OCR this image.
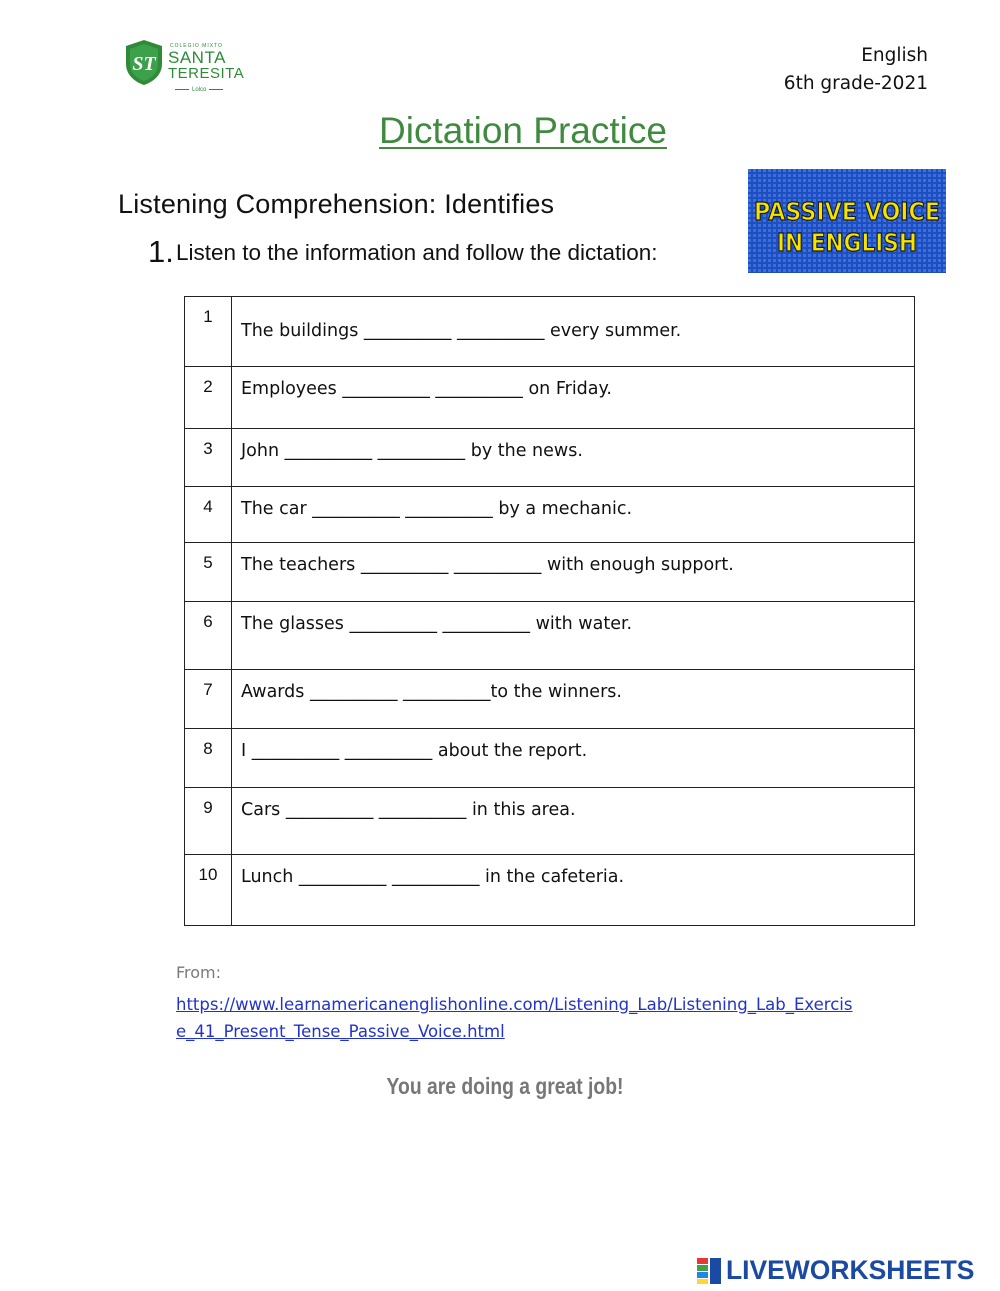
ST
COLEGIO MIXTO
SANTA
TERESITA
Lolco
English
6th grade-2021
Dictation Practice
Listening Comprehension: Identifies
1. Listen to the information and follow the dictation:
PASSIVE VOICE
IN ENGLISH
1	The buildings __________ __________ every summer.
2	Employees __________ __________ on Friday.
3	John __________ __________ by the news.
4	The car __________ __________ by a mechanic.
5	The teachers __________ __________ with enough support.
6	The glasses __________ __________ with water.
7	Awards __________ __________to the winners.
8	I __________ __________ about the report.
9	Cars __________ __________ in this area.
10	Lunch __________ __________ in the cafeteria.
From:
https://www.learnamericanenglishonline.com/Listening_Lab/Listening_Lab_Exercise_41_Present_Tense_Passive_Voice.html
You are doing a great job!
LIVEWORKSHEETS
